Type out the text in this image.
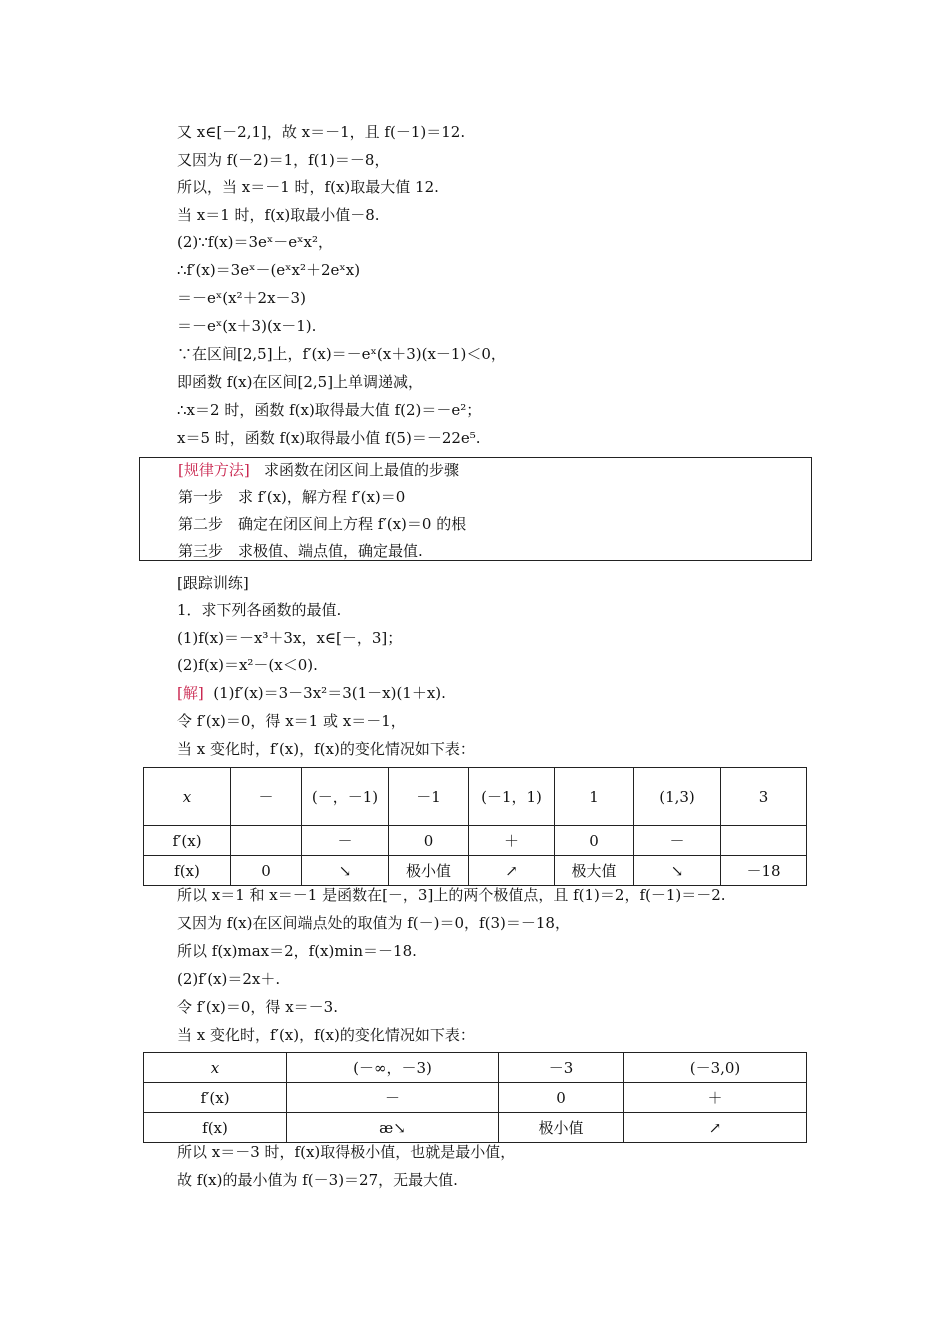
又 x∈[－2,1]，故 x＝－1，且 f(－1)＝12.
又因为 f(－2)＝1，f(1)＝－8，
所以，当 x＝－1 时，f(x)取最大值 12.
当 x＝1 时，f(x)取最小值－8.
(2)∵f(x)＝3eˣ－eˣx²，
∴f′(x)＝3eˣ－(eˣx²＋2eˣx)
＝－eˣ(x²＋2x－3)
＝－eˣ(x＋3)(x－1).
∵在区间[2,5]上，f′(x)＝－eˣ(x＋3)(x－1)＜0，
即函数 f(x)在区间[2,5]上单调递减，
∴x＝2 时，函数 f(x)取得最大值 f(2)＝－e²；
x＝5 时，函数 f(x)取得最小值 f(5)＝－22e⁵.
[规律方法] 求函数在闭区间上最值的步骤
第一步　求 f′(x)，解方程 f′(x)＝0
第二步　确定在闭区间上方程 f′(x)＝0 的根
第三步　求极值、端点值，确定最值.
[跟踪训练]
1．求下列各函数的最值.
(1)f(x)＝－x³＋3x，x∈[－，3]；
(2)f(x)＝x²－(x＜0).
[解] (1)f′(x)＝3－3x²＝3(1－x)(1＋x).
令 f′(x)＝0，得 x＝1 或 x＝－1，
当 x 变化时，f′(x)，f(x)的变化情况如下表：
x	－	(－，－1)	－1	(－1，1)	1	(1,3)	3
f′(x)		－	0	＋	0	－	
f(x)	0	↘	极小值	↗	极大值	↘	－18
所以 x＝1 和 x＝－1 是函数在[－，3]上的两个极值点，且 f(1)＝2，f(－1)＝－2.
又因为 f(x)在区间端点处的取值为 f(－)＝0，f(3)＝－18，
所以 f(x)max＝2，f(x)min＝－18.
(2)f′(x)＝2x＋.
令 f′(x)＝0，得 x＝－3.
当 x 变化时，f′(x)，f(x)的变化情况如下表：
x	(－∞，－3)	－3	(－3,0)
f′(x)	－	0	＋
f(x)	æ↘	极小值	↗
所以 x＝－3 时，f(x)取得极小值，也就是最小值，
故 f(x)的最小值为 f(－3)＝27，无最大值.
